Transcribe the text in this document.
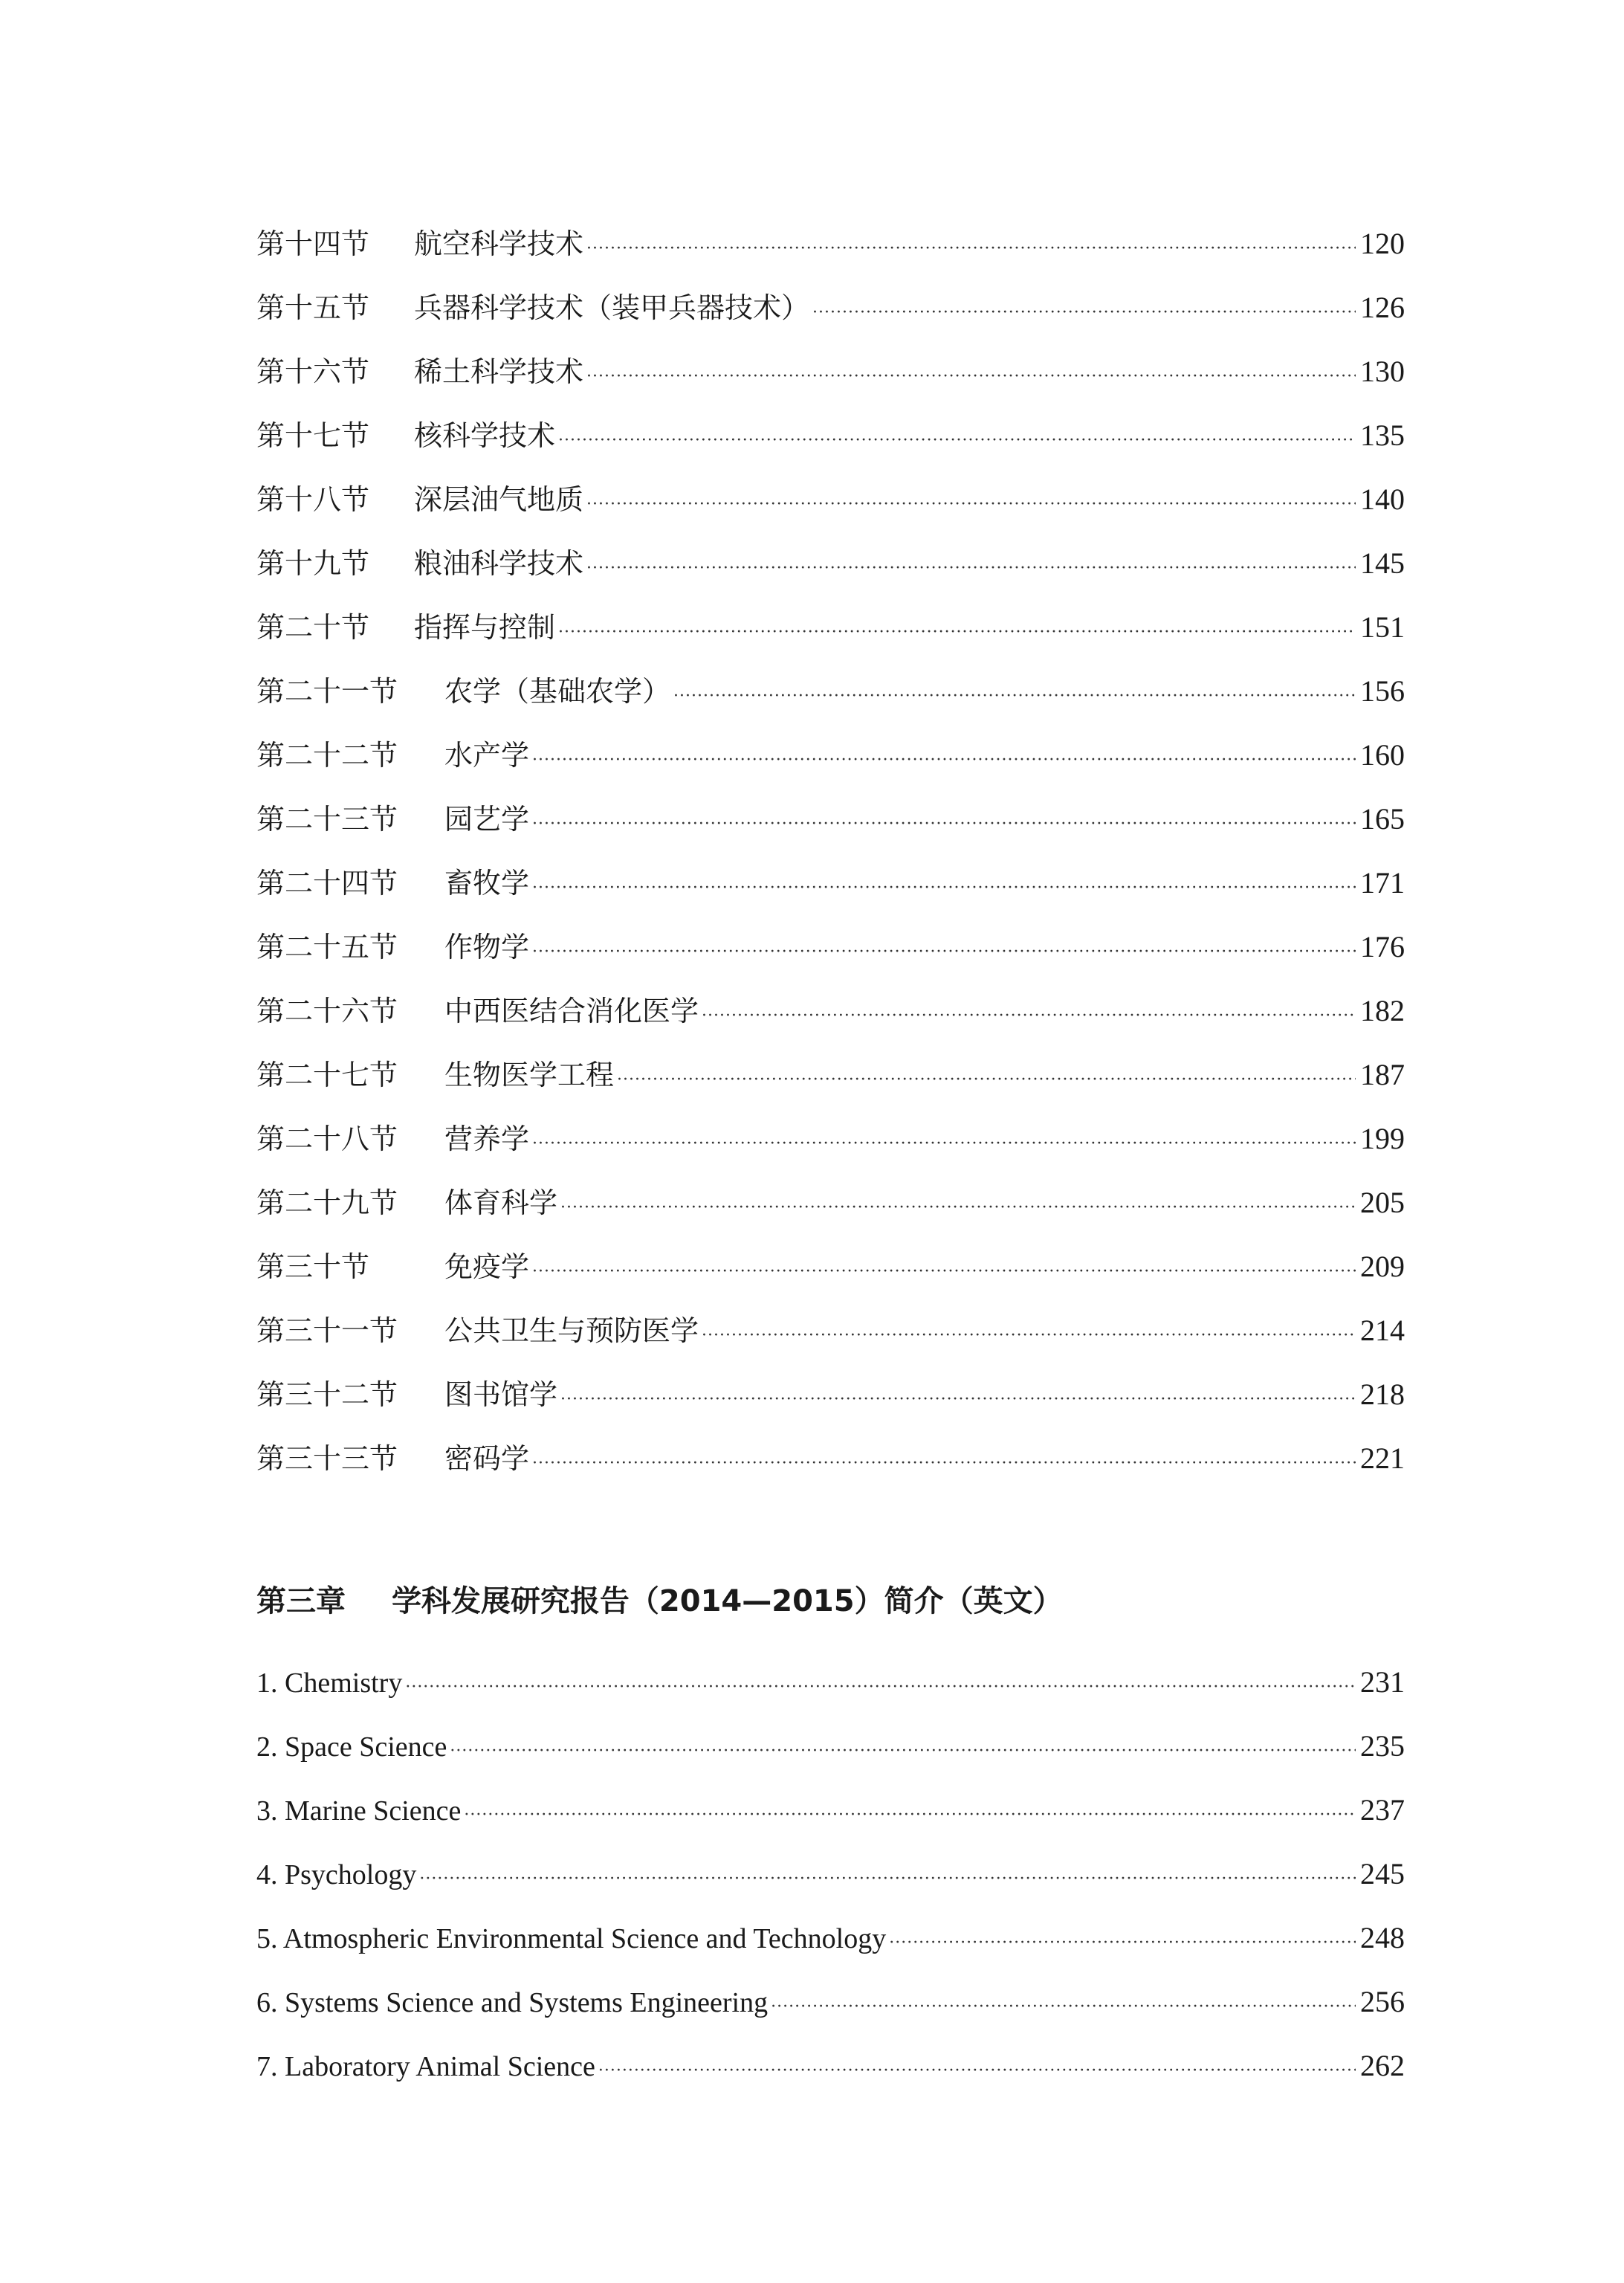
第十四节	航空科学技术 ·····	120
第十五节	兵器科学技术（装甲兵器技术） ·····	126
第十六节	稀土科学技术 ·····	130
第十七节	核科学技术 ·····	135
第十八节	深层油气地质 ·····	140
第十九节	粮油科学技术 ·····	145
第二十节	指挥与控制 ·····	151
第二十一节	农学（基础农学） ·····	156
第二十二节	水产学 ·····	160
第二十三节	园艺学 ·····	165
第二十四节	畜牧学 ·····	171
第二十五节	作物学 ·····	176
第二十六节	中西医结合消化医学 ·····	182
第二十七节	生物医学工程 ·····	187
第二十八节	营养学 ·····	199
第二十九节	体育科学 ·····	205
第三十节	免疫学 ·····	209
第三十一节	公共卫生与预防医学 ·····	214
第三十二节	图书馆学 ·····	218
第三十三节	密码学 ·····	221
第三章 学科发展研究报告（2014—2015）简介（英文）
1. Chemistry ·····	231
2. Space Science ·····	235
3. Marine Science ·····	237
4. Psychology ·····	245
5. Atmospheric Environmental Science and Technology ·····	248
6. Systems Science and Systems Engineering ·····	256
7. Laboratory Animal Science ·····	262
